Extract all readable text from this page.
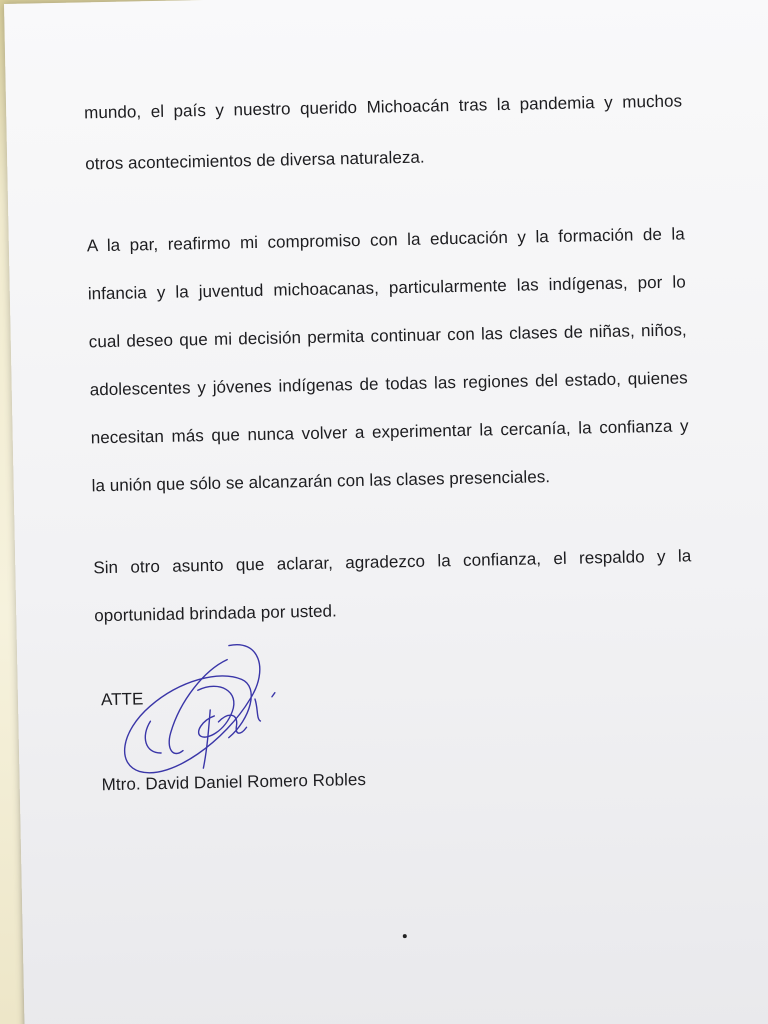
mundo, el país y nuestro querido Michoacán tras la pandemia y muchos
otros acontecimientos de diversa naturaleza.
A la par, reafirmo mi compromiso con la educación y la formación de la
infancia y la juventud michoacanas, particularmente las indígenas, por lo
cual deseo que mi decisión permita continuar con las clases de niñas, niños,
adolescentes y jóvenes indígenas de todas las regiones del estado, quienes
necesitan más que nunca volver a experimentar la cercanía, la confianza y
la unión que sólo se alcanzarán con las clases presenciales.
Sin otro asunto que aclarar, agradezco la confianza, el respaldo y la
oportunidad brindada por usted.
ATTE
Mtro. David Daniel Romero Robles
